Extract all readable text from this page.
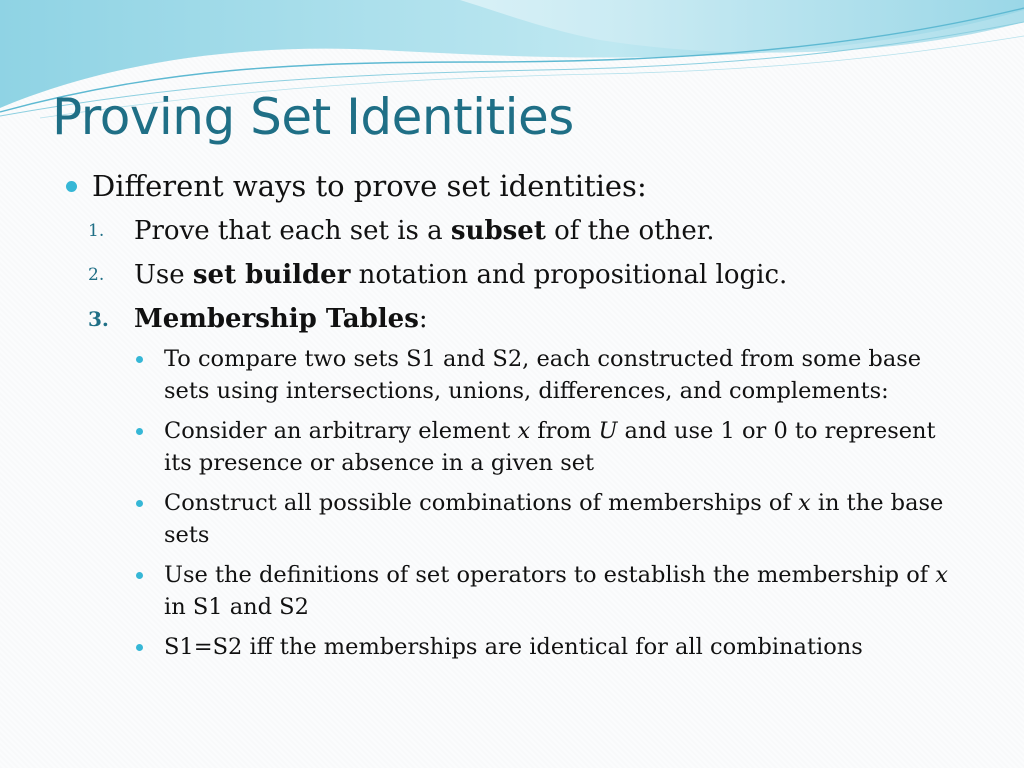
Proving Set Identities
Different ways to prove set identities:
1. Prove that each set is a subset of the other.
2. Use set builder notation and propositional logic.
3. Membership Tables:
To compare two sets S1 and S2, each constructed from some base sets using intersections, unions, differences, and complements:
Consider an arbitrary element x from U and use 1 or 0 to represent its presence or absence in a given set
Construct all possible combinations of memberships of x in the base sets
Use the definitions of set operators to establish the membership of x in S1 and S2
S1=S2 iff the memberships are identical for all combinations
